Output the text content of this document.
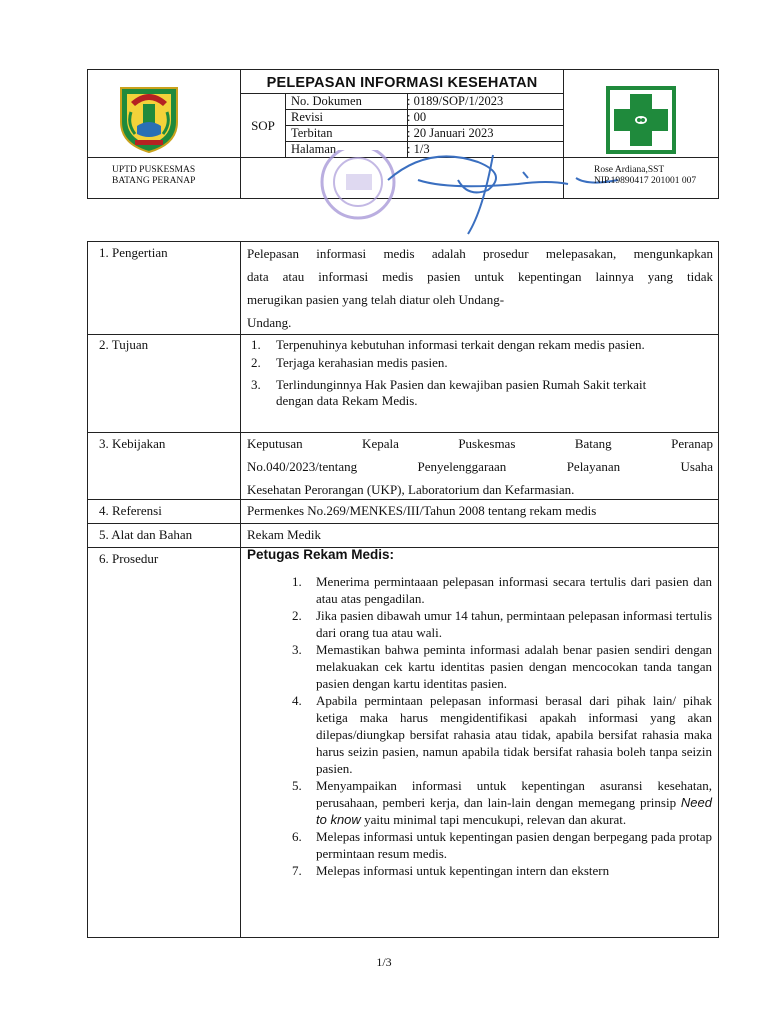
PELEPASAN INFORMASI KESEHATAN
SOP
No. Dokumen	: 0189/SOP/1/2023
Revisi	: 00
Terbitan	: 20 Januari 2023
Halaman	: 1/3
UPTD PUSKESMAS
BATANG PERANAP
Rose Ardiana,SST
NIP.19890417 201001 007
1. Pengertian	Pelepasan informasi medis adalah prosedur melepasakan, mengunkapkan
data atau informasi medis pasien untuk kepentingan lainnya yang tidak
merugikan pasien yang telah diatur oleh Undang-
Undang.
2. Tujuan	1. Terpenuhinya kebutuhan informasi terkait dengan rekam medis pasien.
2. Terjaga kerahasian medis pasien.
3. Terlindunginnya Hak Pasien dan kewajiban pasien Rumah Sakit terkait dengan data Rekam Medis.
3. Kebijakan	Keputusan Kepala Puskesmas Batang Peranap
No.040/2023/tentang Penyelenggaraan Pelayanan Usaha
Kesehatan Perorangan (UKP), Laboratorium dan Kefarmasian.
4. Referensi	Permenkes No.269/MENKES/III/Tahun 2008 tentang rekam medis
5. Alat dan Bahan	Rekam Medik
6. Prosedur	Petugas Rekam Medis:
1. Menerima permintaaan pelepasan informasi secara tertulis dari pasien dan atau atas pengadilan.
2. Jika pasien dibawah umur 14 tahun, permintaan pelepasan informasi tertulis dari orang tua atau wali.
3. Memastikan bahwa peminta informasi adalah benar pasien sendiri dengan melakuakan cek kartu identitas pasien dengan mencocokan tanda tangan pasien dengan kartu identitas pasien.
4. Apabila permintaan pelepasan informasi berasal dari pihak lain/ pihak ketiga maka harus mengidentifikasi apakah informasi yang akan dilepas/diungkap bersifat rahasia atau tidak, apabila bersifat rahasia maka harus seizin pasien, namun apabila tidak bersifat rahasia boleh tanpa seizin pasien.
5. Menyampaikan informasi untuk kepentingan asuransi kesehatan, perusahaan, pemberi kerja, dan lain-lain dengan memegang prinsip Need to know yaitu minimal tapi mencukupi, relevan dan akurat.
6. Melepas informasi untuk kepentingan pasien dengan berpegang pada protap permintaan resum medis.
7. Melepas informasi untuk kepentingan intern dan ekstern
1/3
